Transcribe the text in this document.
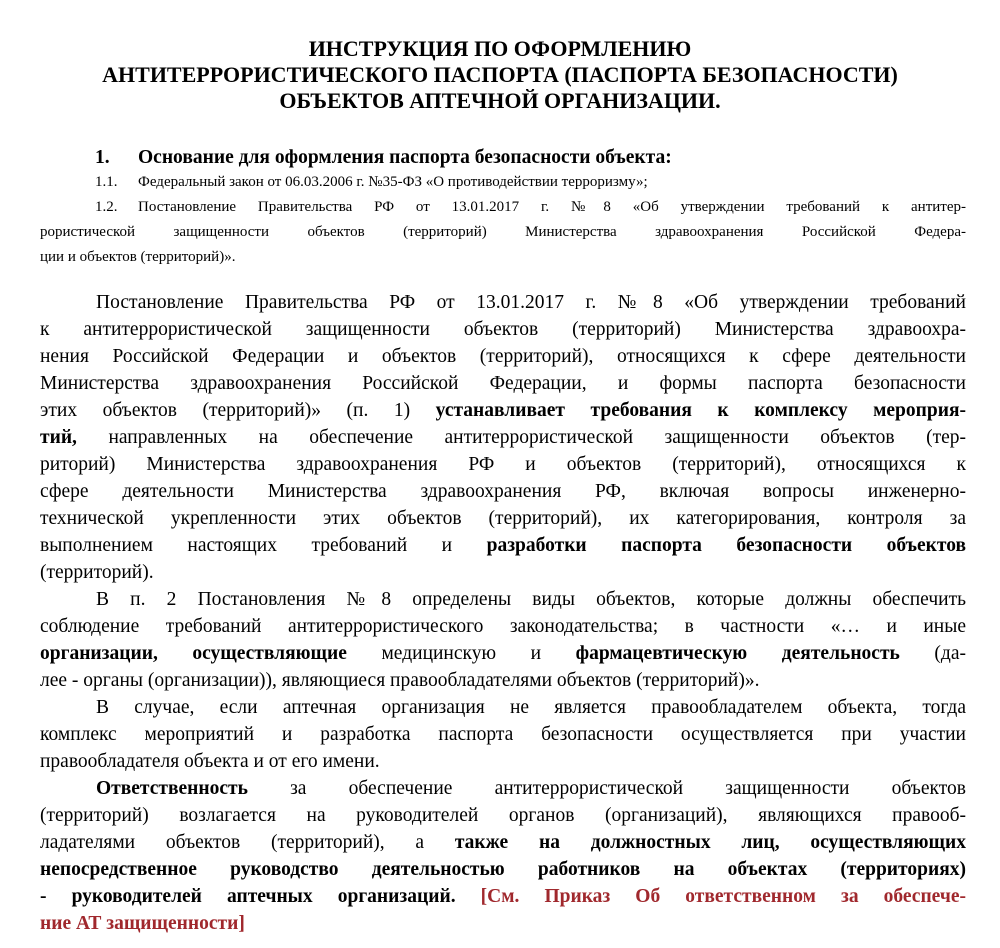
ИНСТРУКЦИЯ ПО ОФОРМЛЕНИЮ
АНТИТЕРРОРИСТИЧЕСКОГО ПАСПОРТА (ПАСПОРТА БЕЗОПАСНОСТИ)
ОБЪЕКТОВ АПТЕЧНОЙ ОРГАНИЗАЦИИ.
1. Основание для оформления паспорта безопасности объекта:
1.1. Федеральный закон от 06.03.2006 г. №35-ФЗ «О противодействии терроризму»;
1.2. Постановление Правительства РФ от 13.01.2017 г. №8 «Об утверждении требований к антитер-
рористической защищенности объектов (территорий) Министерства здравоохранения Российской Федера-
ции и объектов (территорий)».
Постановление Правительства РФ от 13.01.2017 г. №8 «Об утверждении требований
к антитеррористической защищенности объектов (территорий) Министерства здравоохра-
нения Российской Федерации и объектов (территорий), относящихся к сфере деятельности
Министерства здравоохранения Российской Федерации, и формы паспорта безопасности
этих объектов (территорий)» (п. 1) устанавливает требования к комплексу мероприя-
тий, направленных на обеспечение антитеррористической защищенности объектов (тер-
риторий) Министерства здравоохранения РФ и объектов (территорий), относящихся к
сфере деятельности Министерства здравоохранения РФ, включая вопросы инженерно-
технической укрепленности этих объектов (территорий), их категорирования, контроля за
выполнением настоящих требований и разработки паспорта безопасности объектов
(территорий).
В п. 2 Постановления №8 определены виды объектов, которые должны обеспечить
соблюдение требований антитеррористического законодательства; в частности «… и иные
организации, осуществляющие медицинскую и фармацевтическую деятельность (да-
лее - органы (организации)), являющиеся правообладателями объектов (территорий)».
В случае, если аптечная организация не является правообладателем объекта, тогда
комплекс мероприятий и разработка паспорта безопасности осуществляется при участии
правообладателя объекта и от его имени.
Ответственность за обеспечение антитеррористической защищенности объектов
(территорий) возлагается на руководителей органов (организаций), являющихся правооб-
ладателями объектов (территорий), а также на должностных лиц, осуществляющих
непосредственное руководство деятельностью работников на объектах (территориях)
- руководителей аптечных организаций. [См. Приказ Об ответственном за обеспече-
ние АТ защищенности]
